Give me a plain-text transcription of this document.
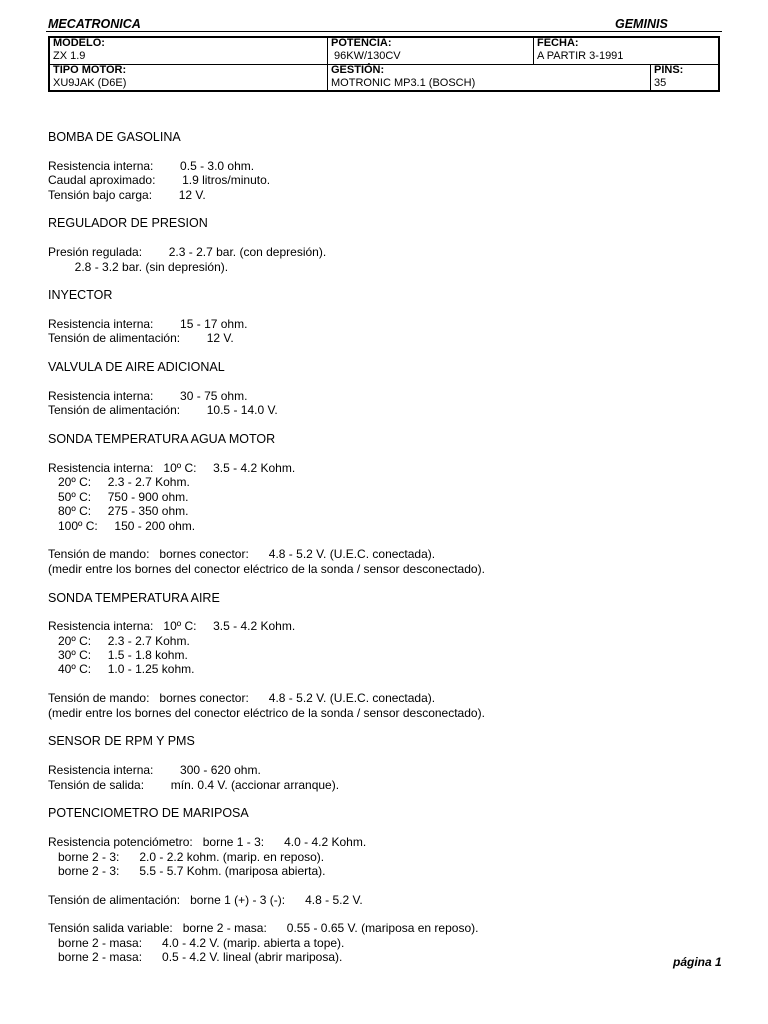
MECATRONICA	GEMINIS
MODELO:
ZX 1.9
POTENCIA:
96KW/130CV
FECHA:
A PARTIR 3-1991
TIPO MOTOR:
XU9JAK (D6E)
GESTIÓN:
MOTRONIC MP3.1 (BOSCH)
PINS:
35
BOMBA DE GASOLINA
Resistencia interna:        0.5 - 3.0 ohm.
Caudal aproximado:        1.9 litros/minuto.
Tensión bajo carga:        12 V.
REGULADOR DE PRESION
Presión regulada:        2.3 - 2.7 bar. (con depresión).
2.8 - 3.2 bar. (sin depresión).
INYECTOR
Resistencia interna:        15 - 17 ohm.
Tensión de alimentación:        12 V.
VALVULA DE AIRE ADICIONAL
Resistencia interna:        30 - 75 ohm.
Tensión de alimentación:        10.5 - 14.0 V.
SONDA TEMPERATURA AGUA MOTOR
Resistencia interna:   10º C:     3.5 - 4.2 Kohm.
20º C:     2.3 - 2.7 Kohm.
50º C:     750 - 900 ohm.
80º C:     275 - 350 ohm.
100º C:     150 - 200 ohm.
Tensión de mando:   bornes conector:      4.8 - 5.2 V. (U.E.C. conectada).
(medir entre los bornes del conector eléctrico de la sonda / sensor desconectado).
SONDA TEMPERATURA AIRE
Resistencia interna:   10º C:     3.5 - 4.2 Kohm.
20º C:     2.3 - 2.7 Kohm.
30º C:     1.5 - 1.8 kohm.
40º C:     1.0 - 1.25 kohm.
Tensión de mando:   bornes conector:      4.8 - 5.2 V. (U.E.C. conectada).
(medir entre los bornes del conector eléctrico de la sonda / sensor desconectado).
SENSOR DE RPM Y PMS
Resistencia interna:        300 - 620 ohm.
Tensión de salida:        mín. 0.4 V. (accionar arranque).
POTENCIOMETRO DE MARIPOSA
Resistencia potenciómetro:   borne 1 - 3:      4.0 - 4.2 Kohm.
borne 2 - 3:      2.0 - 2.2 kohm. (marip. en reposo).
borne 2 - 3:      5.5 - 5.7 Kohm. (mariposa abierta).
Tensión de alimentación:   borne 1 (+) - 3 (-):      4.8 - 5.2 V.
Tensión salida variable:   borne 2 - masa:      0.55 - 0.65 V. (mariposa en reposo).
borne 2 - masa:      4.0 - 4.2 V. (marip. abierta a tope).
borne 2 - masa:      0.5 - 4.2 V. lineal (abrir mariposa).	página 1
